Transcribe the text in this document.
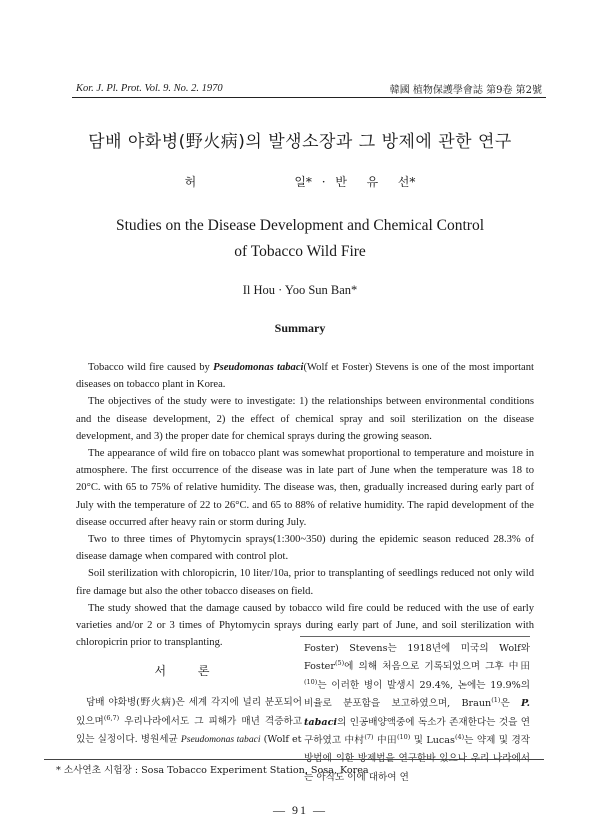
Kor. J. Pl. Prot. Vol. 9. No. 2. 1970	韓國 植物保護學會誌 第9卷 第2號
담배 야화병(野火病)의 발생소장과 그 방제에 관한 연구
허          일* · 반  유  선*
Studies on the Disease Development and Chemical Control
of Tobacco Wild Fire
Il Hou · Yoo Sun Ban*
Summary

Tobacco wild fire caused by Pseudomonas tabaci(Wolf et Foster) Stevens is one of the most important diseases on tobacco plant in Korea.

The objectives of the study were to investigate: 1) the relationships between environmental conditions and the disease development, 2) the effect of chemical spray and soil sterilization on the disease development, and 3) the proper date for chemical sprays during the growing season.

The appearance of wild fire on tobacco plant was somewhat proportional to temperature and moisture in atmosphere. The first occurrence of the disease was in late part of June when the temperature was 18 to 20°C. with 65 to 75% of relative humidity. The disease was, then, gradually increased during early part of July with the temperature of 22 to 26°C. and 65 to 88% of relative humidity. The rapid development of the disease occurred after heavy rain or storm during July.

Two to three times of Phytomycin sprays(1:300~350) during the epidemic season reduced 28.3% of disease damage when compared with control plot.

Soil sterilization with chloropicrin, 10 liter/10a, prior to transplanting of seedlings reduced not only wild fire damage but also the other tobacco diseases on field.

The study showed that the damage caused by tobacco wild fire could be reduced with the use of early varieties and/or 2 or 3 times of Phytomycin sprays during early part of June, and soil sterilization with chloropicrin prior to transplanting.

서 론

담배 야화병(野火病)은 세계 각지에 널리 분포되어있으며$^{(6,7)}$ 우리나라에서도 그 피해가 매년 격증하고 있는 실정이다. 병원세균 Pseudomonas tabaci (Wolf et

Foster) Stevens는 1918년에 미국의 Wolf와 Foster$^{(5)}$에 의해 처음으로 기록되었으며 그후 中田$^{(10)}$는 이러한 병이 발생시 29.4%, 논에는 19.9%의 비율로 분포함을 보고하였으며, Braun$^{(1)}$은 P. tabaci의 인공배양액중에 독소가 존재한다는 것을 연구하였고 中村$^{(7)}$ 中田$^{(10)}$ 및 Lucas$^{(4)}$는 약제 및 경작방법에 의한 방제법을 연구한바 있으나 우리 나라에서는 아직도 이에 대하여 연

* 소사연초 시험장 : Sosa Tobacco Experiment Station, Sosa, Korea
— 91 —
